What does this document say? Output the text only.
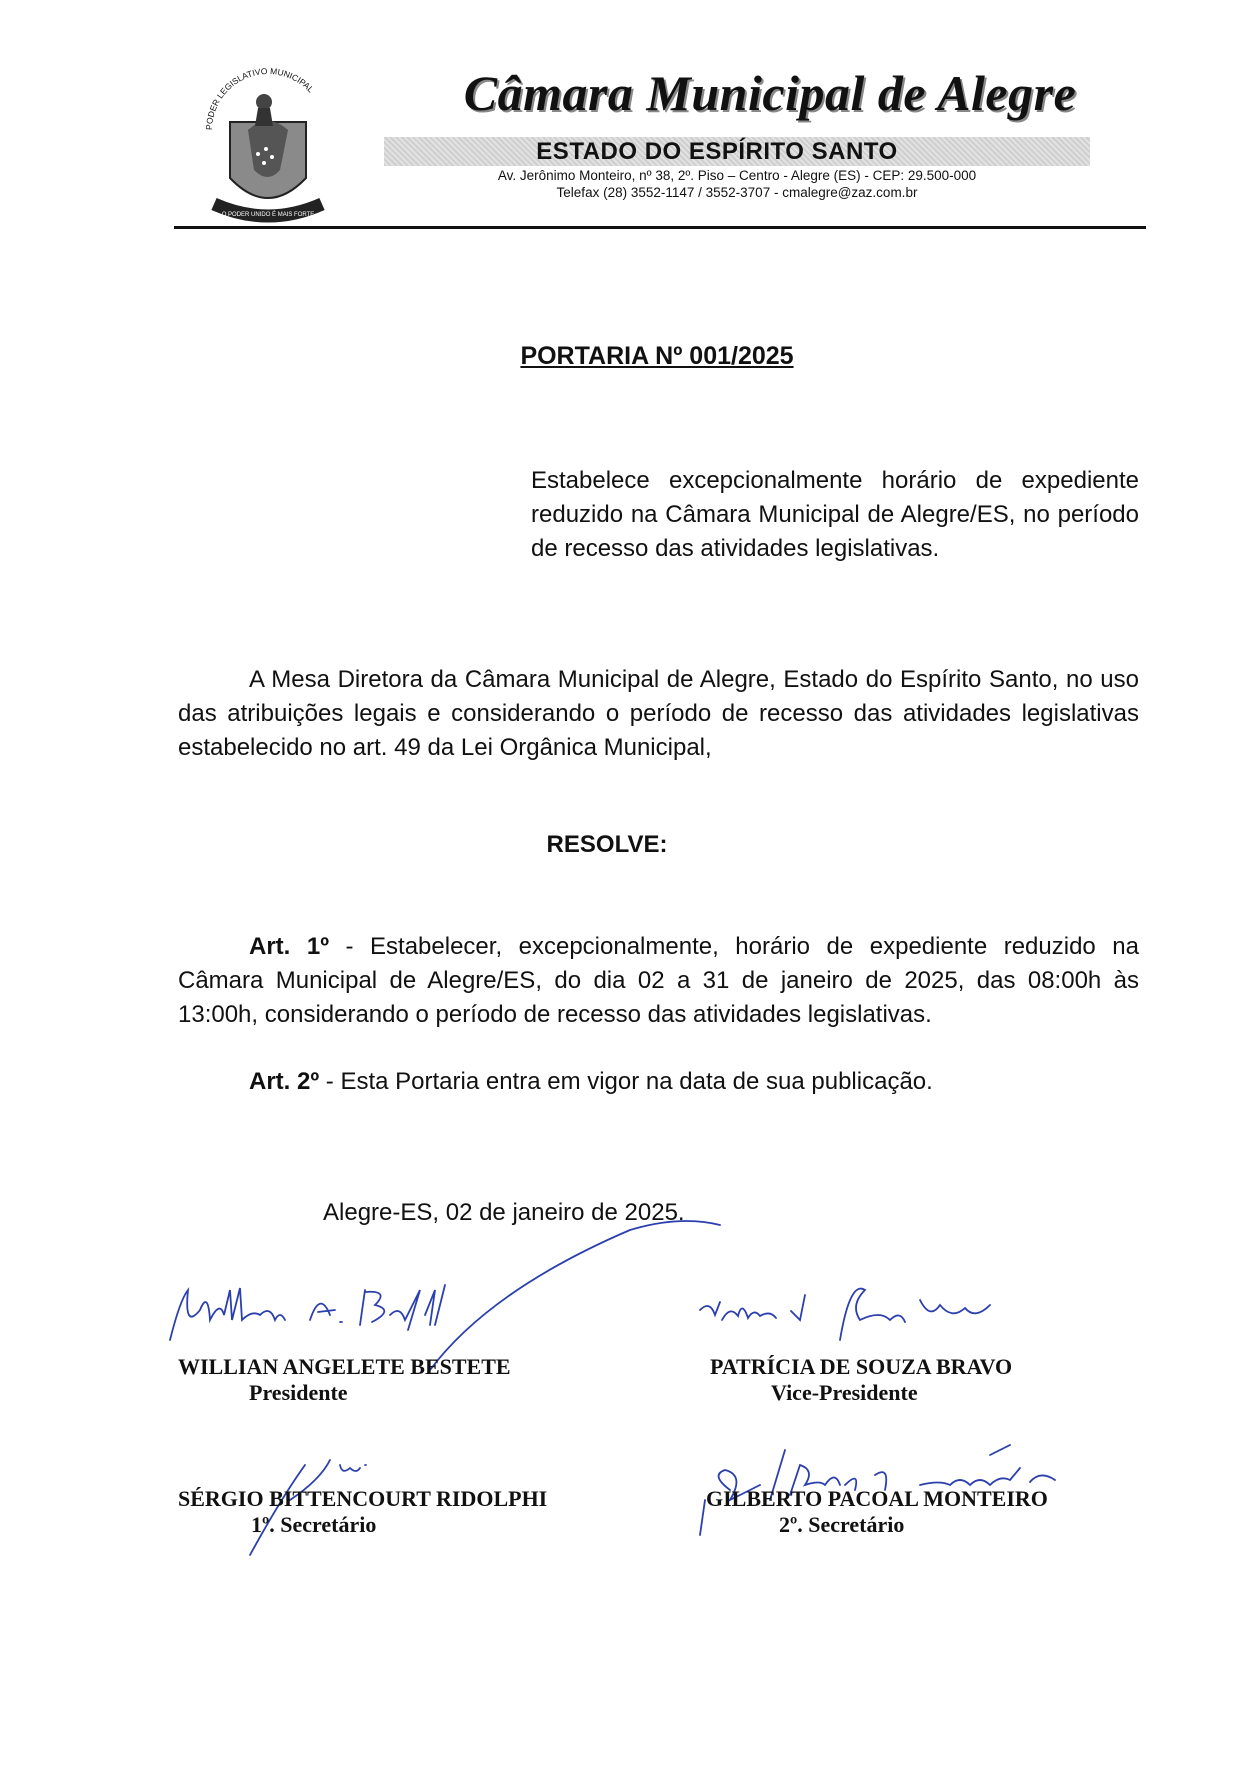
PODER LEGISLATIVO MUNICIPAL
O PODER UNIDO É MAIS FORTE
Câmara Municipal de Alegre
ESTADO DO ESPÍRITO SANTO
Av. Jerônimo Monteiro, nº 38, 2º. Piso – Centro - Alegre (ES) - CEP: 29.500-000
Telefax (28) 3552-1147 / 3552-3707 - cmalegre@zaz.com.br
PORTARIA Nº 001/2025
Estabelece excepcionalmente horário de expediente reduzido na Câmara Municipal de Alegre/ES, no período de recesso das atividades legislativas.
A Mesa Diretora da Câmara Municipal de Alegre, Estado do Espírito Santo, no uso das atribuições legais e considerando o período de recesso das atividades legislativas estabelecido no art. 49 da Lei Orgânica Municipal,
RESOLVE:
Art. 1º - Estabelecer, excepcionalmente, horário de expediente reduzido na Câmara Municipal de Alegre/ES, do dia 02 a 31 de janeiro de 2025, das 08:00h às 13:00h, considerando o período de recesso das atividades legislativas.
Art. 2º - Esta Portaria entra em vigor na data de sua publicação.
Alegre-ES, 02 de janeiro de 2025.
WILLIAN ANGELETE BESTETE
Presidente
PATRÍCIA DE SOUZA BRAVO
Vice-Presidente
SÉRGIO BITTENCOURT RIDOLPHI
1º. Secretário
GILBERTO PACOAL MONTEIRO
2º. Secretário
